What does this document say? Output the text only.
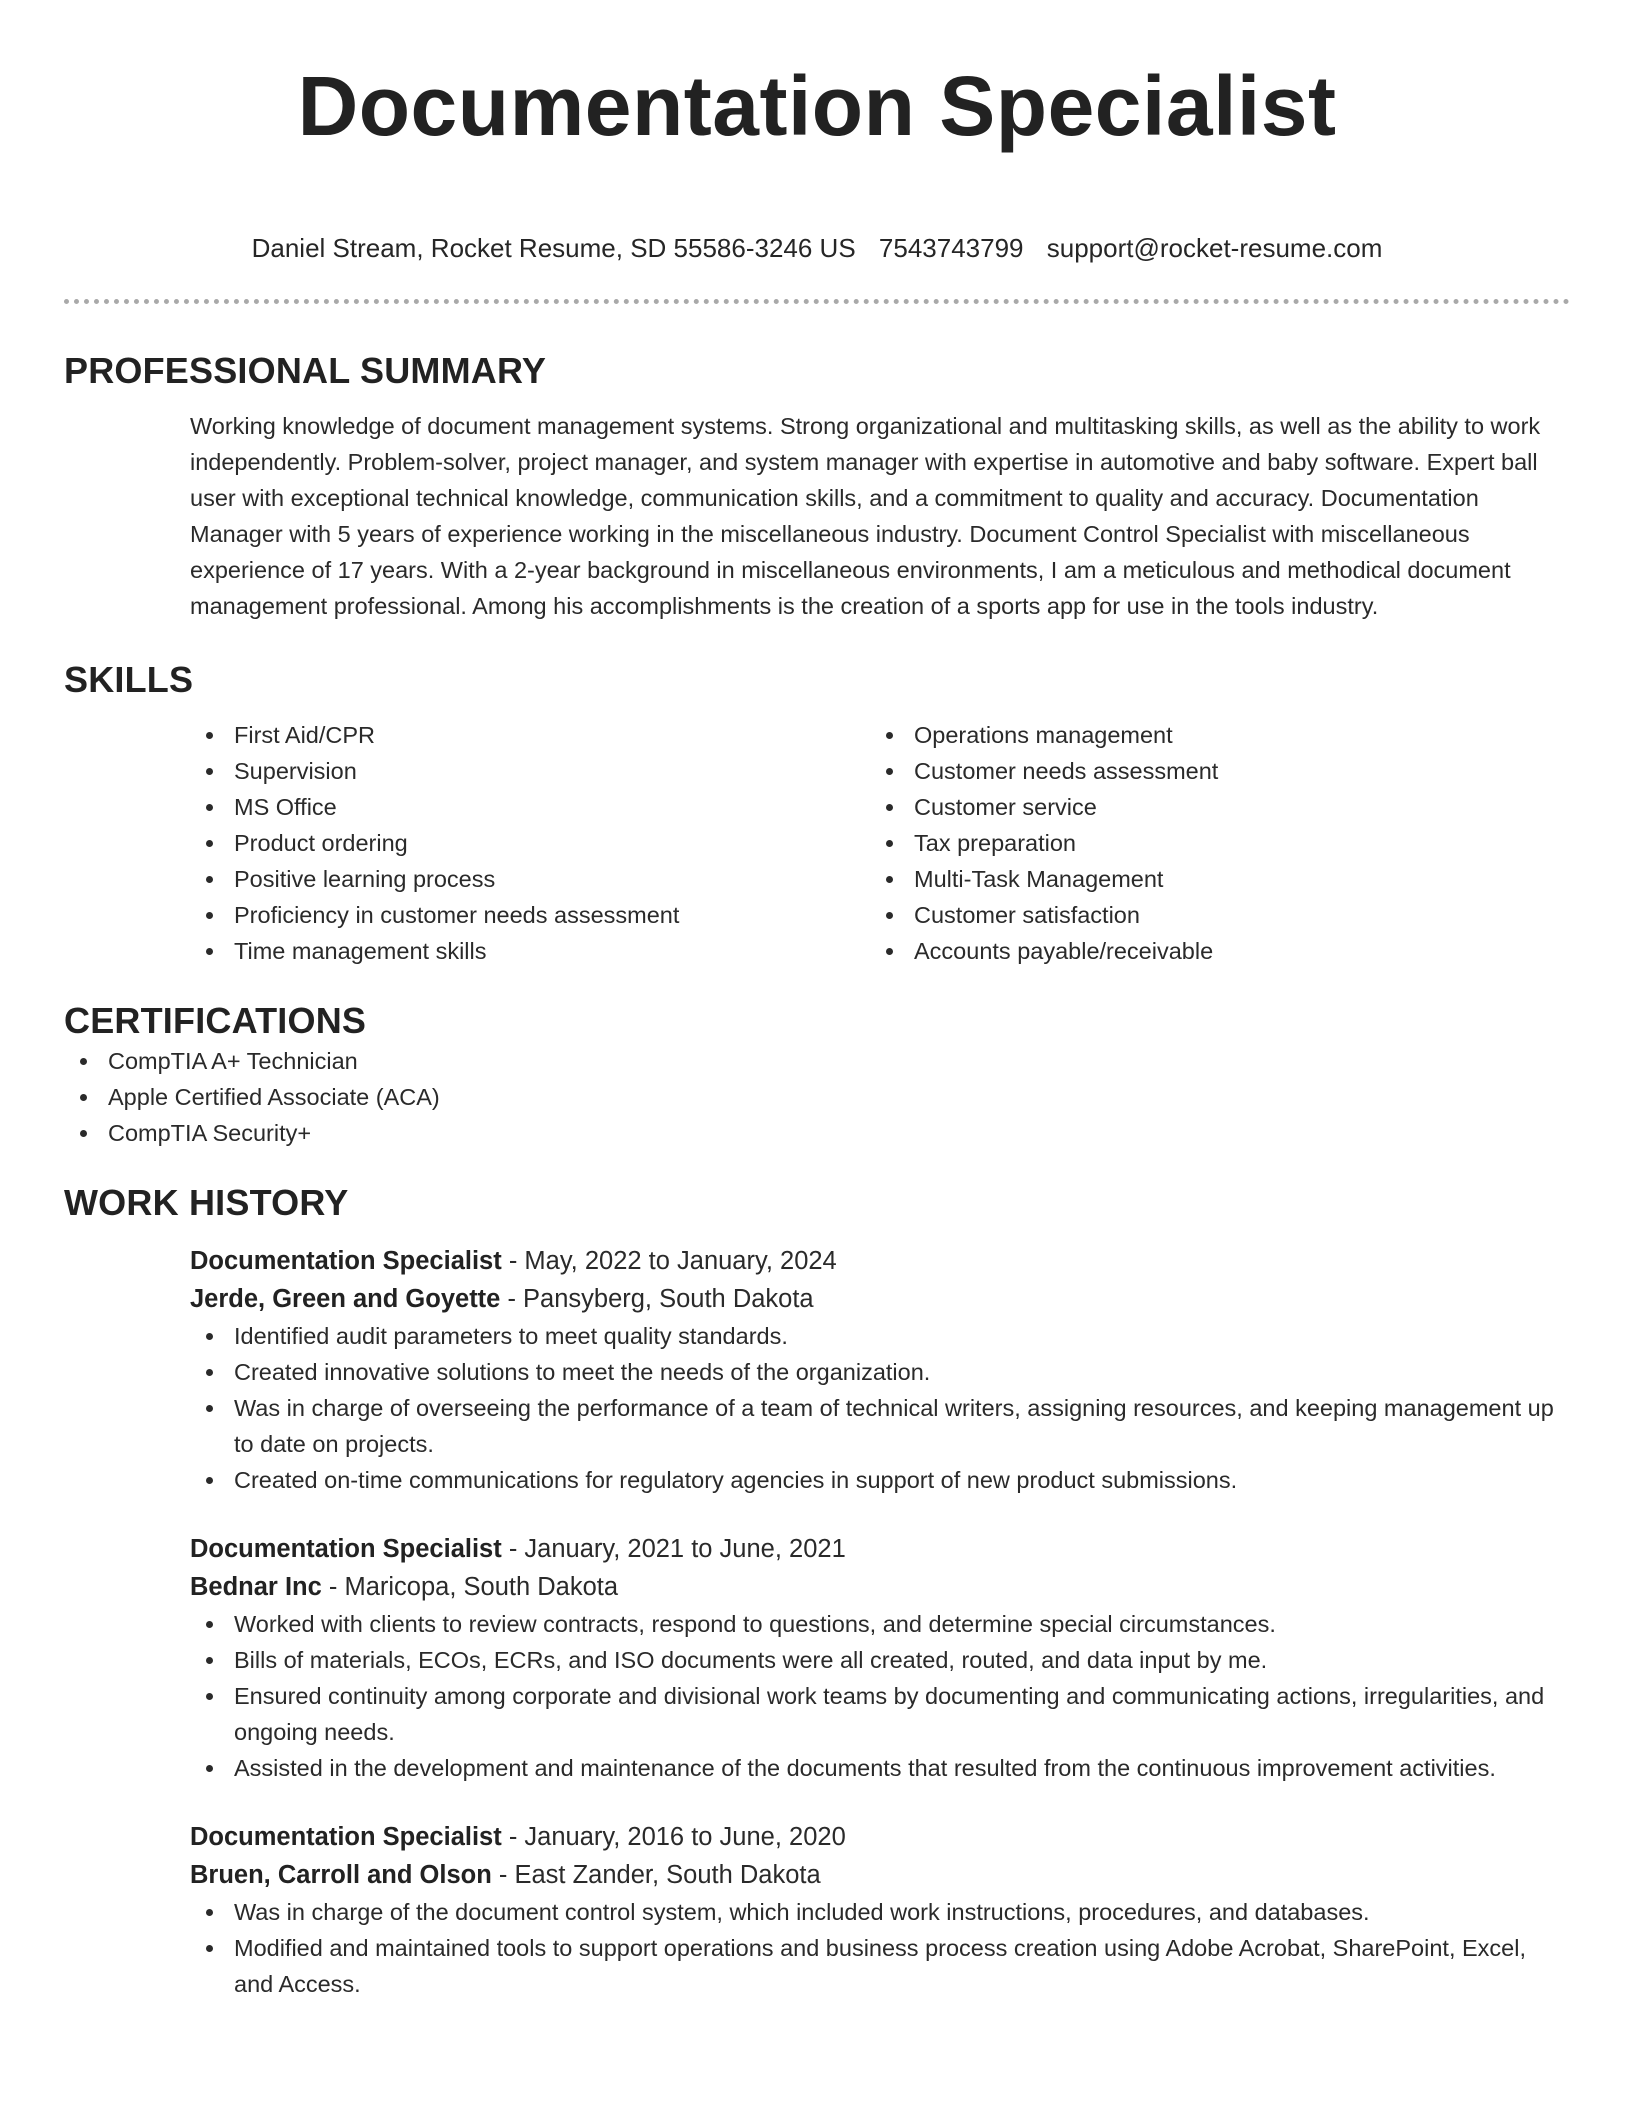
Documentation Specialist
Daniel Stream, Rocket Resume, SD 55586-3246 US 7543743799 support@rocket-resume.com
PROFESSIONAL SUMMARY

Working knowledge of document management systems. Strong organizational and multitasking skills, as well as the ability to work independently. Problem-solver, project manager, and system manager with expertise in automotive and baby software. Expert ball user with exceptional technical knowledge, communication skills, and a commitment to quality and accuracy. Documentation Manager with 5 years of experience working in the miscellaneous industry. Document Control Specialist with miscellaneous experience of 17 years. With a 2-year background in miscellaneous environments, I am a meticulous and methodical document management professional. Among his accomplishments is the creation of a sports app for use in the tools industry.

SKILLS
First Aid/CPR
Supervision
MS Office
Product ordering
Positive learning process
Proficiency in customer needs assessment
Time management skills
Operations management
Customer needs assessment
Customer service
Tax preparation
Multi-Task Management
Customer satisfaction
Accounts payable/receivable
CERTIFICATIONS
CompTIA A+ Technician
Apple Certified Associate (ACA)
CompTIA Security+
WORK HISTORY
Documentation Specialist - May, 2022 to January, 2024
Jerde, Green and Goyette - Pansyberg, South Dakota
Identified audit parameters to meet quality standards.
Created innovative solutions to meet the needs of the organization.
Was in charge of overseeing the performance of a team of technical writers, assigning resources, and keeping management up to date on projects.
Created on-time communications for regulatory agencies in support of new product submissions.
Documentation Specialist - January, 2021 to June, 2021
Bednar Inc - Maricopa, South Dakota
Worked with clients to review contracts, respond to questions, and determine special circumstances.
Bills of materials, ECOs, ECRs, and ISO documents were all created, routed, and data input by me.
Ensured continuity among corporate and divisional work teams by documenting and communicating actions, irregularities, and ongoing needs.
Assisted in the development and maintenance of the documents that resulted from the continuous improvement activities.
Documentation Specialist - January, 2016 to June, 2020
Bruen, Carroll and Olson - East Zander, South Dakota
Was in charge of the document control system, which included work instructions, procedures, and databases.
Modified and maintained tools to support operations and business process creation using Adobe Acrobat, SharePoint, Excel, and Access.
